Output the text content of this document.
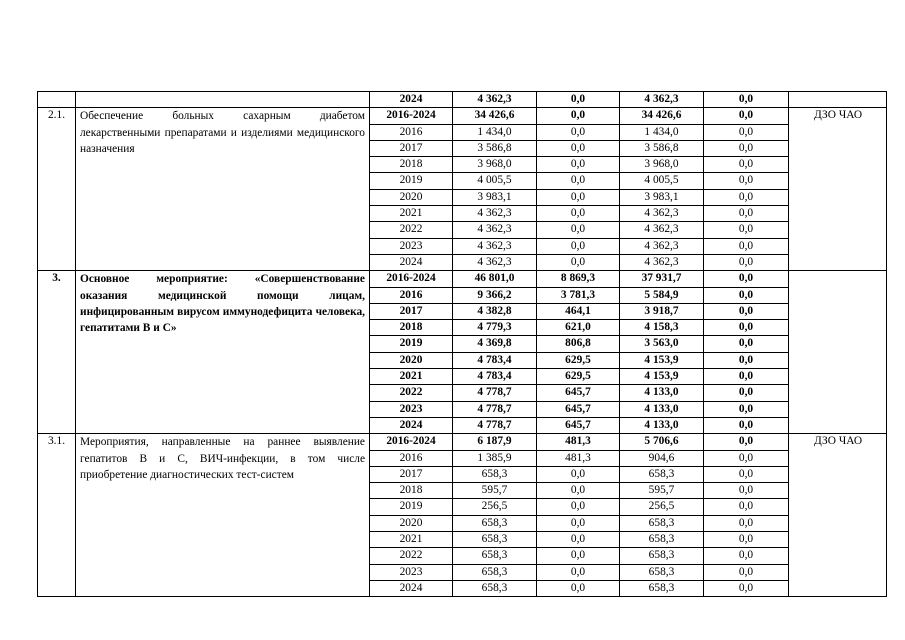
		2024	4 362,3	0,0	4 362,3	0,0	
2.1.	Обеспечение больных сахарным диабетом лекарственными препаратами и изделиями медицинского назначения	2016-2024	34 426,6	0,0	34 426,6	0,0	ДЗО ЧАО
		2016	1 434,0	0,0	1 434,0	0,0	
		2017	3 586,8	0,0	3 586,8	0,0	
		2018	3 968,0	0,0	3 968,0	0,0	
		2019	4 005,5	0,0	4 005,5	0,0	
		2020	3 983,1	0,0	3 983,1	0,0	
		2021	4 362,3	0,0	4 362,3	0,0	
		2022	4 362,3	0,0	4 362,3	0,0	
		2023	4 362,3	0,0	4 362,3	0,0	
		2024	4 362,3	0,0	4 362,3	0,0	
3.	Основное мероприятие: «Совершенствование оказания медицинской помощи лицам, инфицированным вирусом иммунодефицита человека, гепатитами В и С»	2016-2024	46 801,0	8 869,3	37 931,7	0,0	
		2016	9 366,2	3 781,3	5 584,9	0,0	
		2017	4 382,8	464,1	3 918,7	0,0	
		2018	4 779,3	621,0	4 158,3	0,0	
		2019	4 369,8	806,8	3 563,0	0,0	
		2020	4 783,4	629,5	4 153,9	0,0	
		2021	4 783,4	629,5	4 153,9	0,0	
		2022	4 778,7	645,7	4 133,0	0,0	
		2023	4 778,7	645,7	4 133,0	0,0	
		2024	4 778,7	645,7	4 133,0	0,0	
3.1.	Мероприятия, направленные на раннее выявление гепатитов В и С, ВИЧ-инфекции, в том числе приобретение диагностических тест-систем	2016-2024	6 187,9	481,3	5 706,6	0,0	ДЗО ЧАО
		2016	1 385,9	481,3	904,6	0,0	
		2017	658,3	0,0	658,3	0,0	
		2018	595,7	0,0	595,7	0,0	
		2019	256,5	0,0	256,5	0,0	
		2020	658,3	0,0	658,3	0,0	
		2021	658,3	0,0	658,3	0,0	
		2022	658,3	0,0	658,3	0,0	
		2023	658,3	0,0	658,3	0,0	
		2024	658,3	0,0	658,3	0,0	
